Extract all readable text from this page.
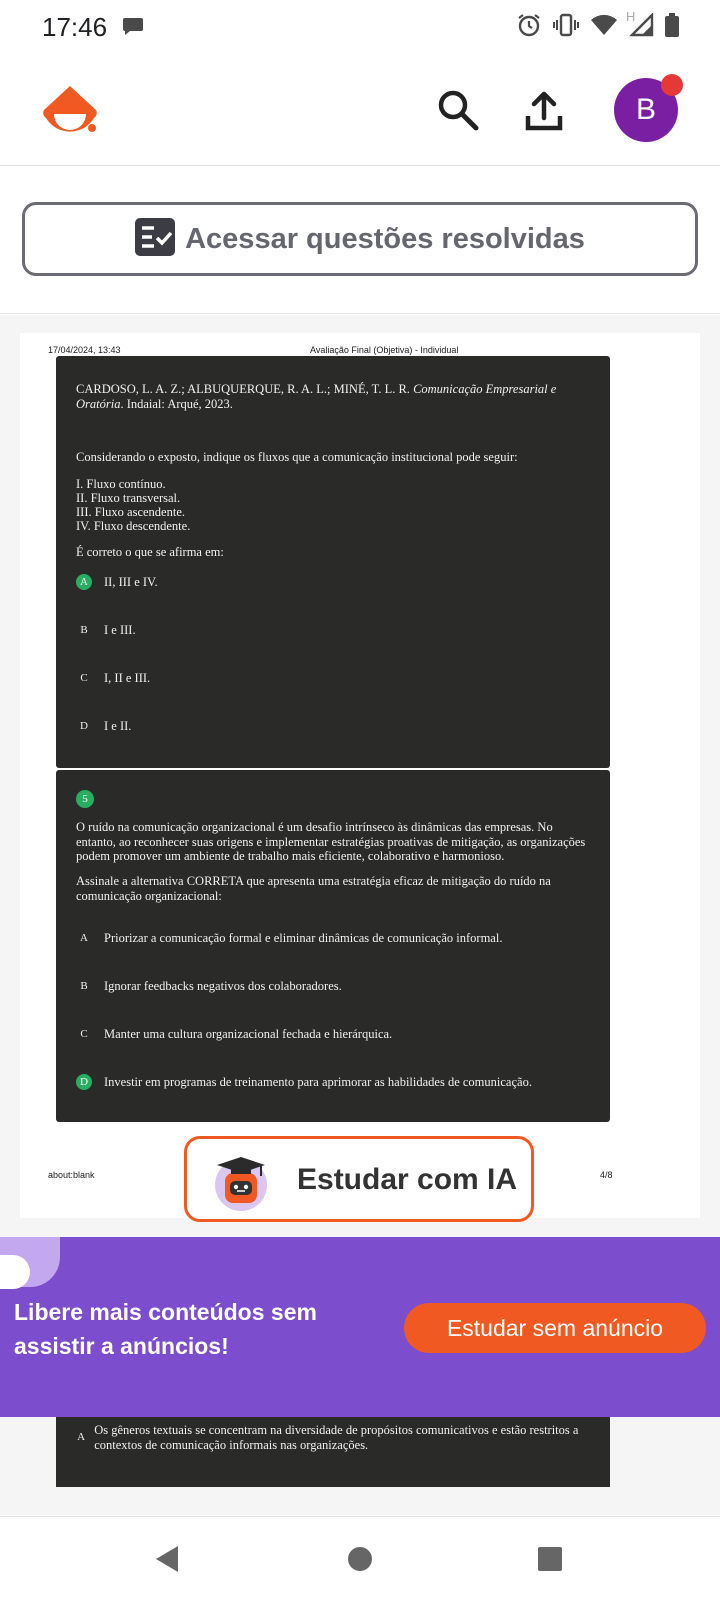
17:46	H
B
Acessar questões resolvidas
17/04/2024, 13:43	Avaliação Final (Objetiva) - Individual

CARDOSO, L. A. Z.; ALBUQUERQUE, R. A. L.; MINÉ, T. L. R. Comunicação Empresarial e Oratória. Indaial: Arqué, 2023.

Considerando o exposto, indique os fluxos que a comunicação institucional pode seguir:

I. Fluxo contínuo.

II. Fluxo transversal.

III. Fluxo ascendente.

IV. Fluxo descendente.

É correto o que se afirma em:

A	II, III e IV.
B	I e III.
C	I, II e III.
D	I e II.
5

O ruído na comunicação organizacional é um desafio intrínseco às dinâmicas das empresas. No entanto, ao reconhecer suas origens e implementar estratégias proativas de mitigação, as organizações podem promover um ambiente de trabalho mais eficiente, colaborativo e harmonioso.

Assinale a alternativa CORRETA que apresenta uma estratégia eficaz de mitigação do ruído na comunicação organizacional:

A	Priorizar a comunicação formal e eliminar dinâmicas de comunicação informal.
B	Ignorar feedbacks negativos dos colaboradores.
C	Manter uma cultura organizacional fechada e hierárquica.
D	Investir em programas de treinamento para aprimorar as habilidades de comunicação.
about:blank	4/8

A Os gêneros textuais se concentram na diversidade de propósitos comunicativos e estão restritos a contextos de comunicação informais nas organizações.
Estudar com IA
Libere mais conteúdos sem assistir a anúncios!
Estudar sem anúncio
